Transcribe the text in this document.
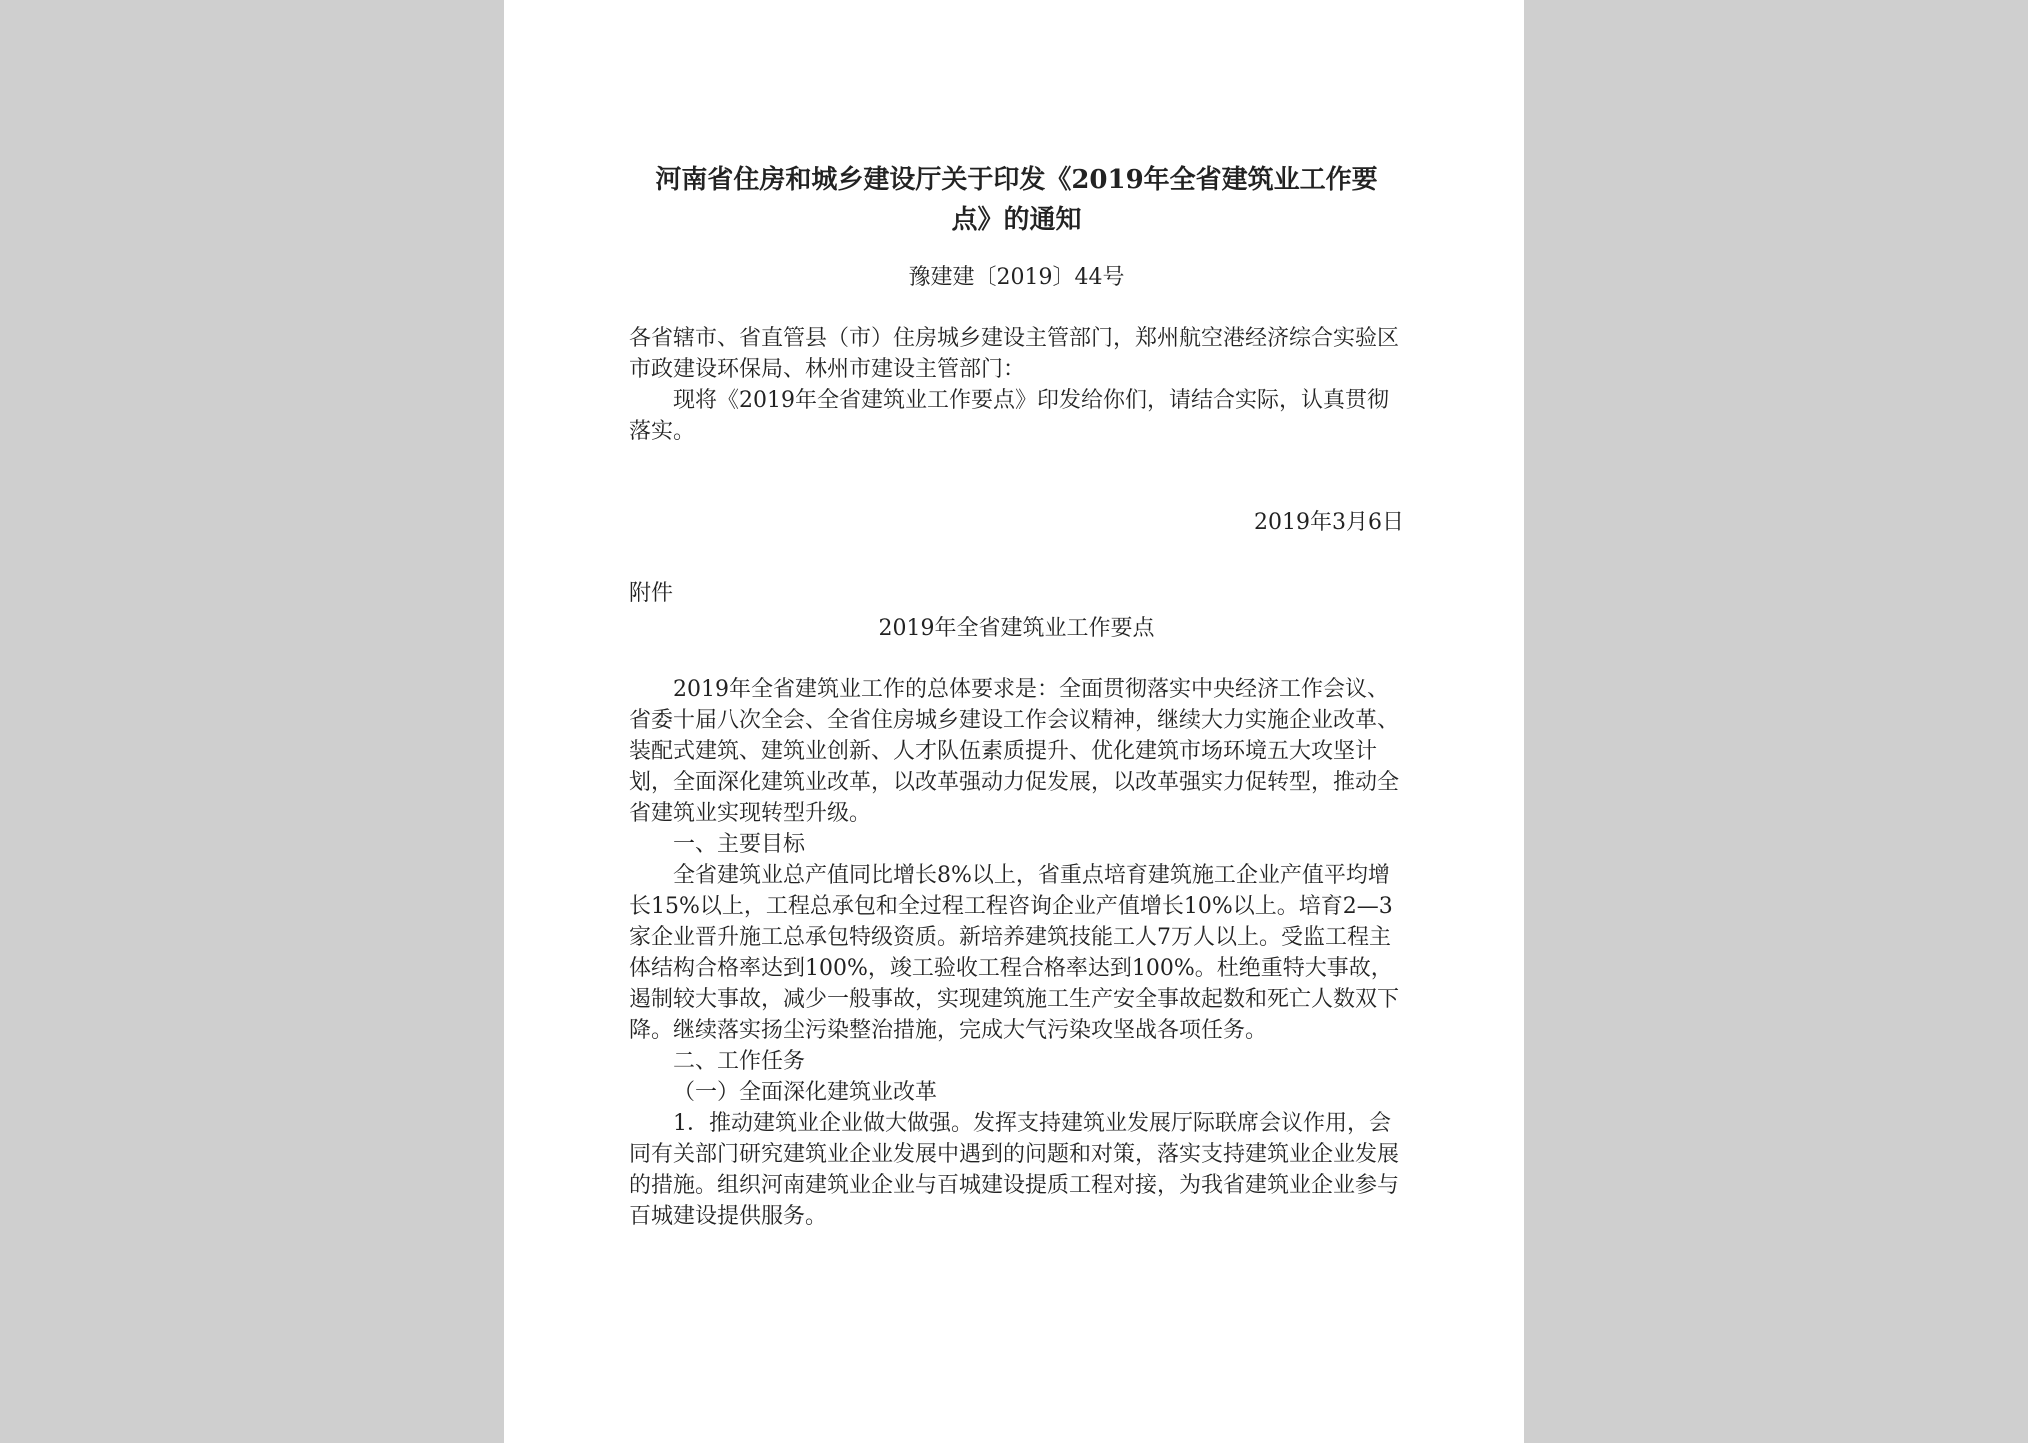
河南省住房和城乡建设厅关于印发《2019年全省建筑业工作要点》的通知
豫建建〔2019〕44号

各省辖市、省直管县（市）住房城乡建设主管部门，郑州航空港经济综合实验区市政建设环保局、林州市建设主管部门：

现将《2019年全省建筑业工作要点》印发给你们，请结合实际，认真贯彻落实。

2019年3月6日
附件
2019年全省建筑业工作要点

2019年全省建筑业工作的总体要求是：全面贯彻落实中央经济工作会议、省委十届八次全会、全省住房城乡建设工作会议精神，继续大力实施企业改革、装配式建筑、建筑业创新、人才队伍素质提升、优化建筑市场环境五大攻坚计划，全面深化建筑业改革，以改革强动力促发展，以改革强实力促转型，推动全省建筑业实现转型升级。

一、主要目标

全省建筑业总产值同比增长8%以上，省重点培育建筑施工企业产值平均增长15%以上，工程总承包和全过程工程咨询企业产值增长10%以上。培育2—3家企业晋升施工总承包特级资质。新培养建筑技能工人7万人以上。受监工程主体结构合格率达到100%，竣工验收工程合格率达到100%。杜绝重特大事故，遏制较大事故，减少一般事故，实现建筑施工生产安全事故起数和死亡人数双下降。继续落实扬尘污染整治措施，完成大气污染攻坚战各项任务。

二、工作任务

（一）全面深化建筑业改革

1．推动建筑业企业做大做强。发挥支持建筑业发展厅际联席会议作用，会同有关部门研究建筑业企业发展中遇到的问题和对策，落实支持建筑业企业发展的措施。组织河南建筑业企业与百城建设提质工程对接，为我省建筑业企业参与百城建设提供服务。
